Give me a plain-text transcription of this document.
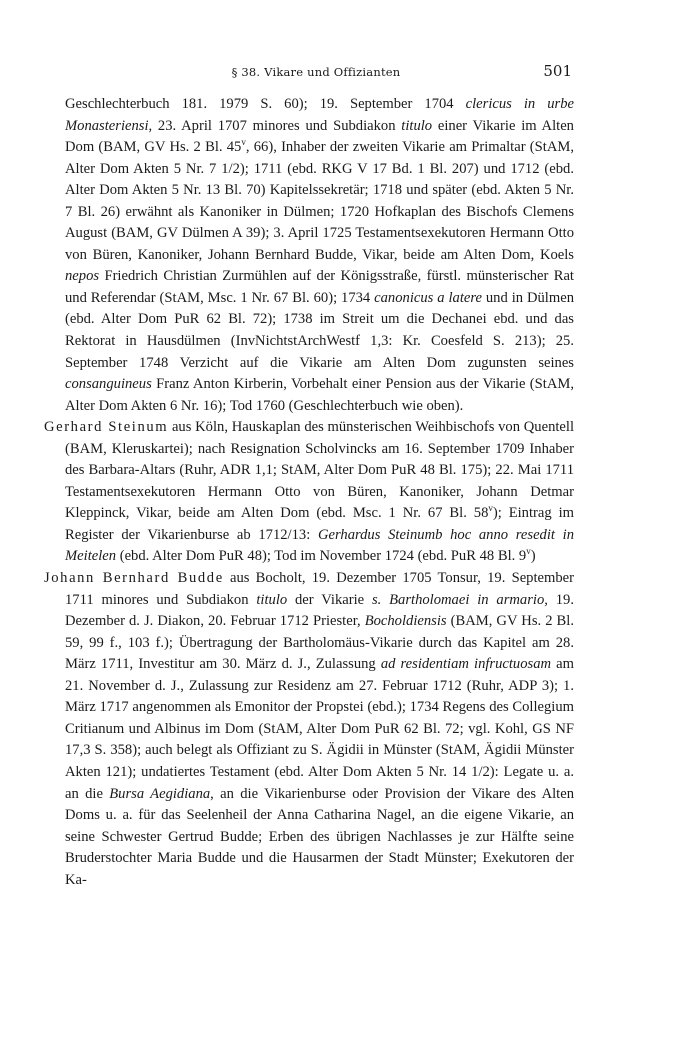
§ 38. Vikare und Offizianten	501

Geschlechterbuch 181. 1979 S. 60); 19. September 1704 clericus in urbe Monasteriensi, 23. April 1707 minores und Subdiakon titulo einer Vikarie im Alten Dom (BAM, GV Hs. 2 Bl. 45$^v$, 66), Inhaber der zweiten Vikarie am Primaltar (StAM, Alter Dom Akten 5 Nr. 7 1/2); 1711 (ebd. RKG V 17 Bd. 1 Bl. 207) und 1712 (ebd. Alter Dom Akten 5 Nr. 13 Bl. 70) Kapitelssekretär; 1718 und später (ebd. Akten 5 Nr. 7 Bl. 26) erwähnt als Kanoniker in Dülmen; 1720 Hofkaplan des Bischofs Clemens August (BAM, GV Dülmen A 39); 3. April 1725 Testamentsexekutoren Hermann Otto von Büren, Kanoniker, Johann Bernhard Budde, Vikar, beide am Alten Dom, Koels nepos Friedrich Christian Zurmühlen auf der Königsstraße, fürstl. münsterischer Rat und Referendar (StAM, Msc. 1 Nr. 67 Bl. 60); 1734 canonicus a latere und in Dülmen (ebd. Alter Dom PuR 62 Bl. 72); 1738 im Streit um die Dechanei ebd. und das Rektorat in Hausdülmen (InvNichtstArchWestf 1,3: Kr. Coesfeld S. 213); 25. September 1748 Verzicht auf die Vikarie am Alten Dom zugunsten seines consanguineus Franz Anton Kirberin, Vorbehalt einer Pension aus der Vikarie (StAM, Alter Dom Akten 6 Nr. 16); Tod 1760 (Geschlechterbuch wie oben).

Gerhard Steinum aus Köln, Hauskaplan des münsterischen Weihbischofs von Quentell (BAM, Kleruskartei); nach Resignation Scholvincks am 16. September 1709 Inhaber des Barbara-Altars (Ruhr, ADR 1,1; StAM, Alter Dom PuR 48 Bl. 175); 22. Mai 1711 Testamentsexekutoren Hermann Otto von Büren, Kanoniker, Johann Detmar Kleppinck, Vikar, beide am Alten Dom (ebd. Msc. 1 Nr. 67 Bl. 58$^v$); Eintrag im Register der Vikarienburse ab 1712/13: Gerhardus Steinumb hoc anno resedit in Meitelen (ebd. Alter Dom PuR 48); Tod im November 1724 (ebd. PuR 48 Bl. 9$^v$)

Johann Bernhard Budde aus Bocholt, 19. Dezember 1705 Tonsur, 19. September 1711 minores und Subdiakon titulo der Vikarie s. Bartholomaei in armario, 19. Dezember d. J. Diakon, 20. Februar 1712 Priester, Bocholdiensis (BAM, GV Hs. 2 Bl. 59, 99 f., 103 f.); Übertragung der Bartholomäus-Vikarie durch das Kapitel am 28. März 1711, Investitur am 30. März d. J., Zulassung ad residentiam infructuosam am 21. November d. J., Zulassung zur Residenz am 27. Februar 1712 (Ruhr, ADP 3); 1. März 1717 angenommen als Emonitor der Propstei (ebd.); 1734 Regens des Collegium Critianum und Albinus im Dom (StAM, Alter Dom PuR 62 Bl. 72; vgl. Kohl, GS NF 17,3 S. 358); auch belegt als Offiziant zu S. Ägidii in Münster (StAM, Ägidii Münster Akten 121); undatiertes Testament (ebd. Alter Dom Akten 5 Nr. 14 1/2): Legate u. a. an die Bursa Aegidiana, an die Vikarienburse oder Provision der Vikare des Alten Doms u. a. für das Seelenheil der Anna Catharina Nagel, an die eigene Vikarie, an seine Schwester Gertrud Budde; Erben des übrigen Nachlasses je zur Hälfte seine Bruderstochter Maria Budde und die Hausarmen der Stadt Münster; Exekutoren der Ka-
